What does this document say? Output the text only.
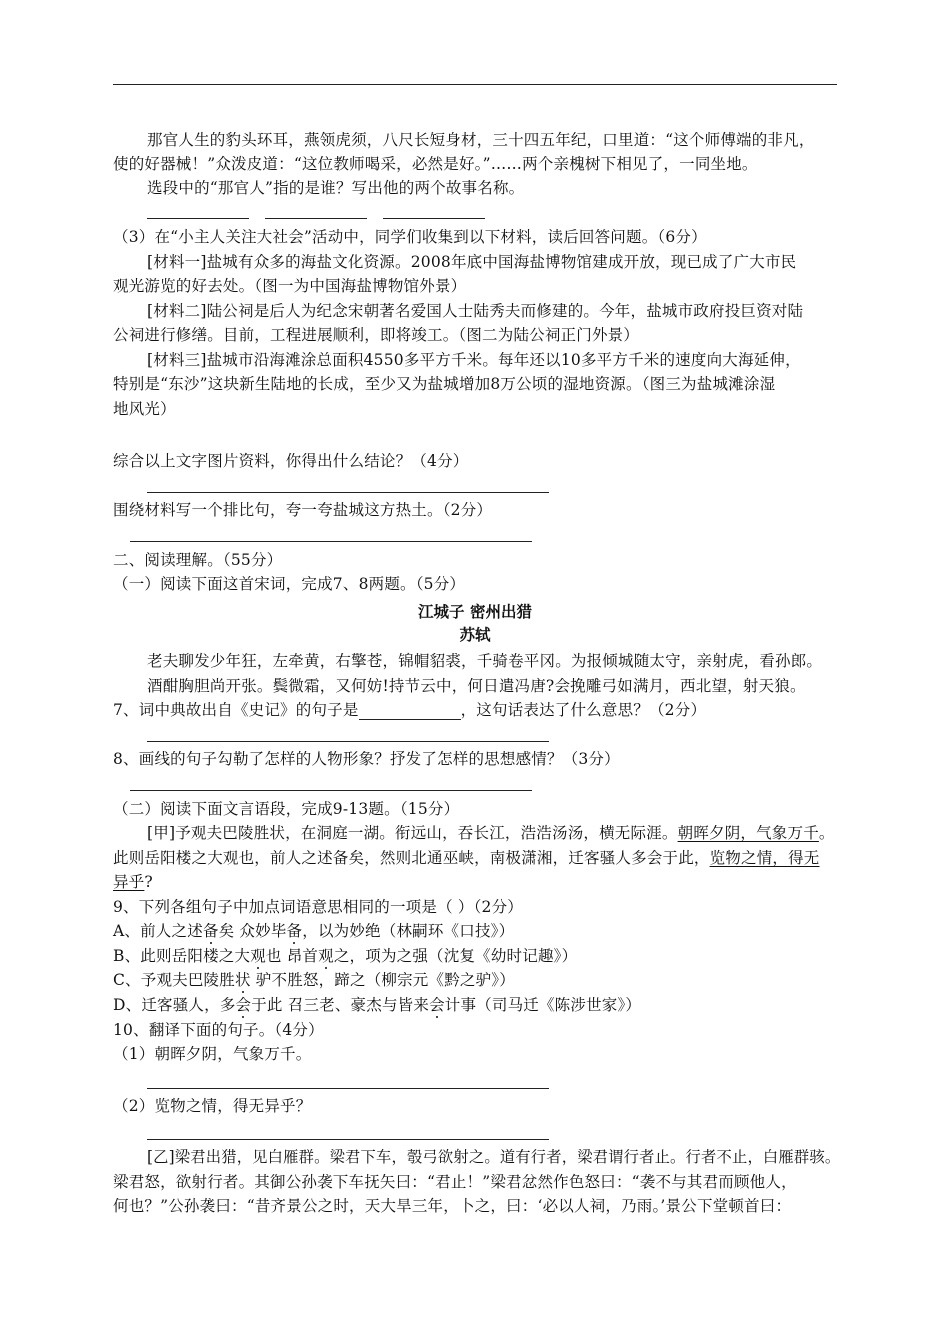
那官人生的豹头环耳，燕领虎须，八尺长短身材，三十四五年纪，口里道：“这个师傅端的非凡，
使的好器械！”众泼皮道：“这位教师喝采，必然是好。”……两个亲槐树下相见了，一同坐地。
选段中的“那官人”指的是谁？写出他的两个故事名称。
（3）在“小主人关注大社会”活动中，同学们收集到以下材料，读后回答问题。（6分）
[材料一]盐城有众多的海盐文化资源。2008年底中国海盐博物馆建成开放，现已成了广大市民
观光游览的好去处。（图一为中国海盐博物馆外景）
[材料二]陆公祠是后人为纪念宋朝著名爱国人士陆秀夫而修建的。今年，盐城市政府投巨资对陆
公祠进行修缮。目前，工程进展顺利，即将竣工。（图二为陆公祠正门外景）
[材料三]盐城市沿海滩涂总面积4550多平方千米。每年还以10多平方千米的速度向大海延伸，
特别是“东沙”这块新生陆地的长成，至少又为盐城增加8万公顷的湿地资源。（图三为盐城滩涂湿
地风光）
综合以上文字图片资料，你得出什么结论？（4分）
围绕材料写一个排比句，夸一夸盐城这方热土。（2分）
二、阅读理解。（55分）
（一）阅读下面这首宋词，完成7、8两题。（5分）
江城子 密州出猎
苏轼
老夫聊发少年狂，左牵黄，右擎苍，锦帽貂裘，千骑卷平冈。为报倾城随太守，亲射虎，看孙郎。
酒酣胸胆尚开张。鬓微霜，又何妨!持节云中，何日遣冯唐?会挽雕弓如满月，西北望，射天狼。
7、词中典故出自《史记》的句子是	，这句话表达了什么意思？（2分）
8、画线的句子勾勒了怎样的人物形象？抒发了怎样的思想感情？（3分）
（二）阅读下面文言语段，完成9-13题。（15分）
[甲]予观夫巴陵胜状，在洞庭一湖。衔远山，吞长江，浩浩汤汤，横无际涯。朝晖夕阴，气象万千。
此则岳阳楼之大观也，前人之述备矣，然则北通巫峡，南极潇湘，迁客骚人多会于此，览物之情，得无
异乎?
9、下列各组句子中加点词语意思相同的一项是（ ）（2分）
A、前人之述备矣 众妙毕备，以为妙绝（林嗣环《口技》）
B、此则岳阳楼之大观也 昂首观之，项为之强（沈复《幼时记趣》）
C、予观夫巴陵胜状 驴不胜怒，蹄之（柳宗元《黔之驴》）
D、迁客骚人，多会于此 召三老、豪杰与皆来会计事（司马迁《陈涉世家》）
10、翻译下面的句子。（4分）
（1）朝晖夕阴，气象万千。
（2）览物之情，得无异乎？
[乙]梁君出猎，见白雁群。梁君下车，彀弓欲射之。道有行者，梁君谓行者止。行者不止，白雁群骇。
梁君怒，欲射行者。其御公孙袭下车抚矢曰：“君止！”梁君忿然作色怒曰：“袭不与其君而顾他人，
何也？”公孙袭曰：“昔齐景公之时，天大旱三年，卜之，曰：‘必以人祠，乃雨。’景公下堂顿首曰：
